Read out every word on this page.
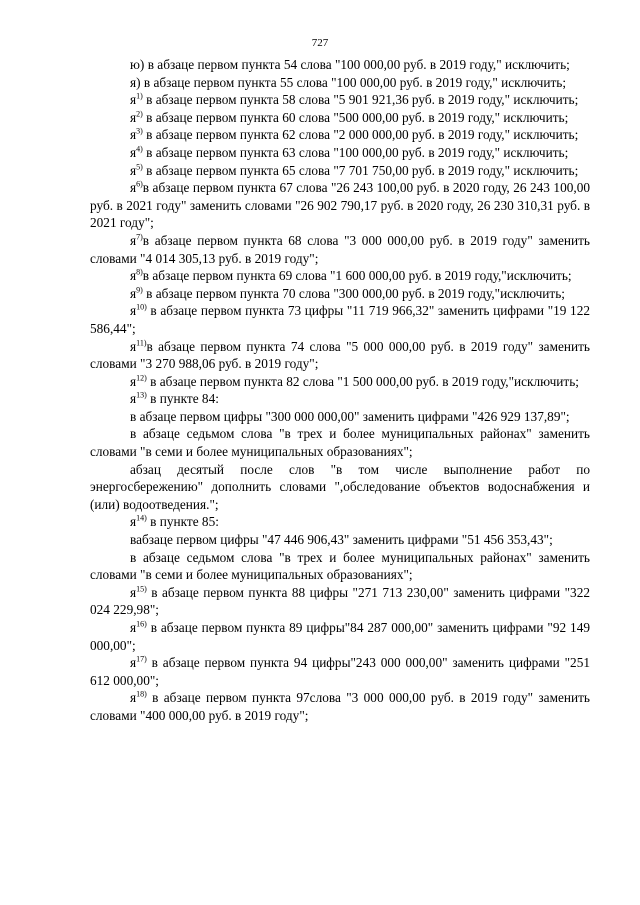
727

ю) в абзаце первом пункта 54 слова "100 000,00 руб. в 2019 году," исключить;

я) в абзаце первом пункта 55 слова "100 000,00 руб. в 2019 году," исключить;

$я^{1)}$ в абзаце первом пункта 58 слова "5 901 921,36 руб. в 2019 году," исключить;

$я^{2)}$ в абзаце первом пункта 60 слова "500 000,00 руб. в 2019 году," исключить;

$я^{3)}$ в абзаце первом пункта 62 слова "2 000 000,00 руб. в 2019 году," исключить;

$я^{4)}$ в абзаце первом пункта 63 слова "100 000,00 руб. в 2019 году," исключить;

$я^{5)}$ в абзаце первом пункта 65 слова "7 701 750,00 руб. в 2019 году," исключить;

$я^{6)}в$ абзаце первом пункта 67 слова "26 243 100,00 руб. в 2020 году, 26 243 100,00 руб. в 2021 году" заменить словами "26 902 790,17 руб. в 2020 году, 26 230 310,31 руб. в 2021 году";

$я^{7)}в$ абзаце первом пункта 68 слова "3 000 000,00 руб. в 2019 году" заменить словами "4 014 305,13 руб. в 2019 году";

$я^{8)}в$ абзаце первом пункта 69 слова "1 600 000,00 руб. в 2019 году,"исключить;

$я^{9)}$ в абзаце первом пункта 70 слова "300 000,00 руб. в 2019 году,"исключить;

$я^{10)}$ в абзаце первом пункта 73 цифры "11 719 966,32" заменить цифрами "19 122 586,44";

$я^{11)}в$ абзаце первом пункта 74 слова "5 000 000,00 руб. в 2019 году" заменить словами "3 270 988,06 руб. в 2019 году";

$я^{12)}$ в абзаце первом пункта 82 слова "1 500 000,00 руб. в 2019 году,"исключить;

$я^{13)}$ в пункте 84:

в абзаце первом цифры "300 000 000,00" заменить цифрами "426 929 137,89";

в абзаце седьмом слова "в трех и более муниципальных районах" заменить словами "в семи и более муниципальных образованиях";

абзац десятый после слов "в том числе выполнение работ по энергосбережению" дополнить словами ",обследование объектов водоснабжения и (или) водоотведения.";

$я^{14)}$ в пункте 85:

вабзаце первом цифры "47 446 906,43" заменить цифрами "51 456 353,43";

в абзаце седьмом слова "в трех и более муниципальных районах" заменить словами "в семи и более муниципальных образованиях";

$я^{15)}$ в абзаце первом пункта 88 цифры "271 713 230,00" заменить цифрами "322 024 229,98";

$я^{16)}$ в абзаце первом пункта 89 цифры"84 287 000,00" заменить цифрами "92 149 000,00";

$я^{17)}$ в абзаце первом пункта 94 цифры"243 000 000,00" заменить цифрами "251 612 000,00";

$я^{18)}$ в абзаце первом пункта 97слова "3 000 000,00 руб. в 2019 году" заменить словами "400 000,00 руб. в 2019 году";
